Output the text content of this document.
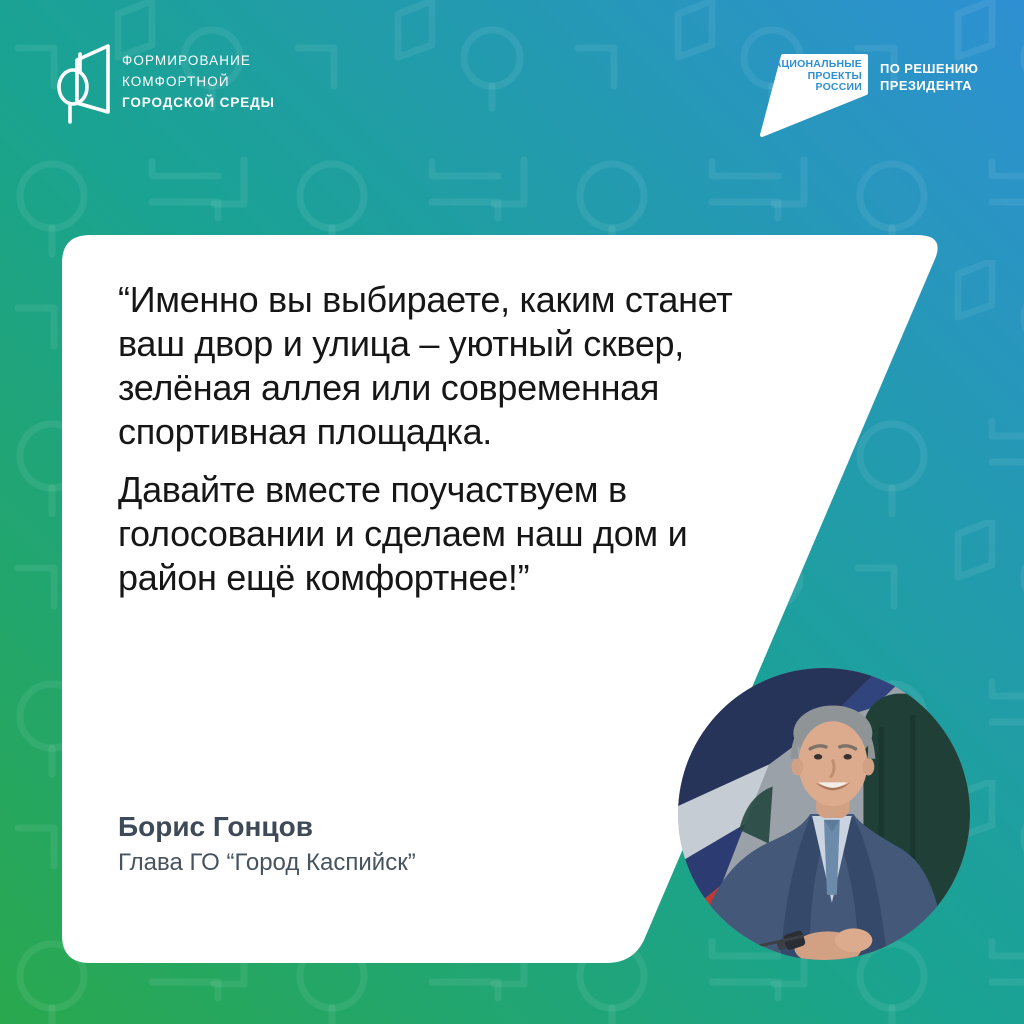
ФОРМИРОВАНИЕ
КОМФОРТНОЙ
ГОРОДСКОЙ СРЕДЫ
НАЦИОНАЛЬНЫЕ
ПРОЕКТЫ
РОССИИ
ПО РЕШЕНИЮ
ПРЕЗИДЕНТА

“Именно вы выбираете, каким станет ваш двор и улица – уютный сквер, зелёная аллея или современная спортивная площадка.

Давайте вместе поучаствуем в голосовании и сделаем наш дом и район ещё комфортнее!”

Борис Гонцов
Глава ГО “Город Каспийск”
